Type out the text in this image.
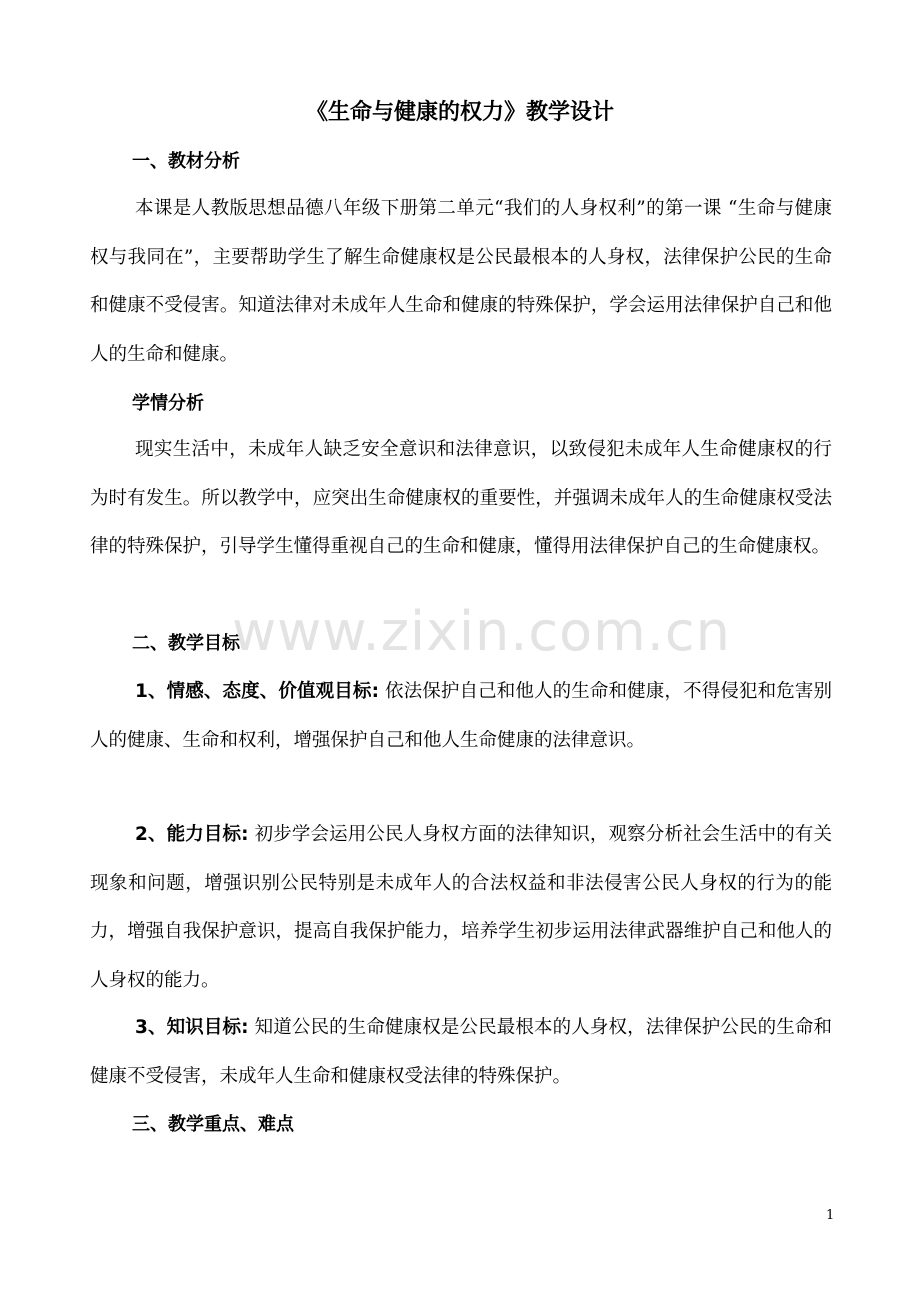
《生命与健康的权力》教学设计
一、教材分析
本课是人教版思想品德八年级下册第二单元“我们的人身权利”的第一课 “生命与健康权与我同在”，主要帮助学生了解生命健康权是公民最根本的人身权，法律保护公民的生命和健康不受侵害。知道法律对未成年人生命和健康的特殊保护，学会运用法律保护自己和他人的生命和健康。
学情分析
现实生活中，未成年人缺乏安全意识和法律意识，以致侵犯未成年人生命健康权的行为时有发生。所以教学中，应突出生命健康权的重要性，并强调未成年人的生命健康权受法律的特殊保护，引导学生懂得重视自己的生命和健康，懂得用法律保护自己的生命健康权。
二、教学目标
1、情感、态度、价值观目标: 依法保护自己和他人的生命和健康，不得侵犯和危害别人的健康、生命和权利，增强保护自己和他人生命健康的法律意识。
2、能力目标: 初步学会运用公民人身权方面的法律知识，观察分析社会生活中的有关现象和问题，增强识别公民特别是未成年人的合法权益和非法侵害公民人身权的行为的能力，增强自我保护意识，提高自我保护能力，培养学生初步运用法律武器维护自己和他人的人身权的能力。
3、知识目标: 知道公民的生命健康权是公民最根本的人身权，法律保护公民的生命和健康不受侵害，未成年人生命和健康权受法律的特殊保护。
三、教学重点、难点
www.zixin.com.cn
1
